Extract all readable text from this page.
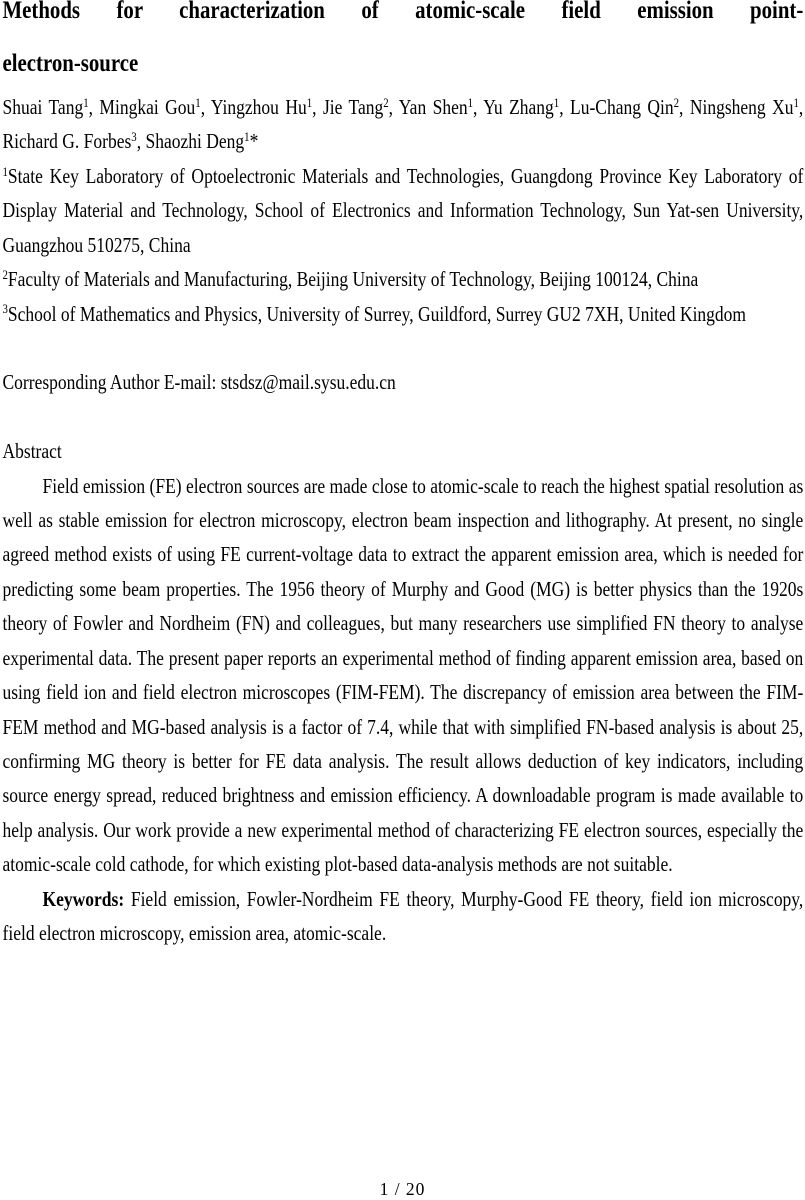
Methods for characterization of atomic-scale field emission point-
electron-source

Shuai Tang$^1$, Mingkai Gou$^1$, Yingzhou Hu$^1$, Jie Tang$^2$, Yan Shen$^1$, Yu Zhang$^1$, Lu-Chang Qin$^2$, Ningsheng Xu$^1$, Richard G. Forbes$^3$, Shaozhi Deng$^1$*

$^1$State Key Laboratory of Optoelectronic Materials and Technologies, Guangdong Province Key Laboratory of Display Material and Technology, School of Electronics and Information Technology, Sun Yat-sen University, Guangzhou 510275, China

$^2$Faculty of Materials and Manufacturing, Beijing University of Technology, Beijing 100124, China

$^3$School of Mathematics and Physics, University of Surrey, Guildford, Surrey GU2 7XH, United Kingdom

Corresponding Author E-mail: stsdsz@mail.sysu.edu.cn

Abstract

Field emission (FE) electron sources are made close to atomic-scale to reach the highest spatial resolution as well as stable emission for electron microscopy, electron beam inspection and lithography. At present, no single agreed method exists of using FE current-voltage data to extract the apparent emission area, which is needed for predicting some beam properties. The 1956 theory of Murphy and Good (MG) is better physics than the 1920s theory of Fowler and Nordheim (FN) and colleagues, but many researchers use simplified FN theory to analyse experimental data. The present paper reports an experimental method of finding apparent emission area, based on using field ion and field electron microscopes (FIM-FEM). The discrepancy of emission area between the FIM-FEM method and MG-based analysis is a factor of 7.4, while that with simplified FN-based analysis is about 25, confirming MG theory is better for FE data analysis. The result allows deduction of key indicators, including source energy spread, reduced brightness and emission efficiency. A downloadable program is made available to help analysis. Our work provide a new experimental method of characterizing FE electron sources, especially the atomic-scale cold cathode, for which existing plot-based data-analysis methods are not suitable.

Keywords: Field emission, Fowler-Nordheim FE theory, Murphy-Good FE theory, field ion microscopy, field electron microscopy, emission area, atomic-scale.

1 / 20
